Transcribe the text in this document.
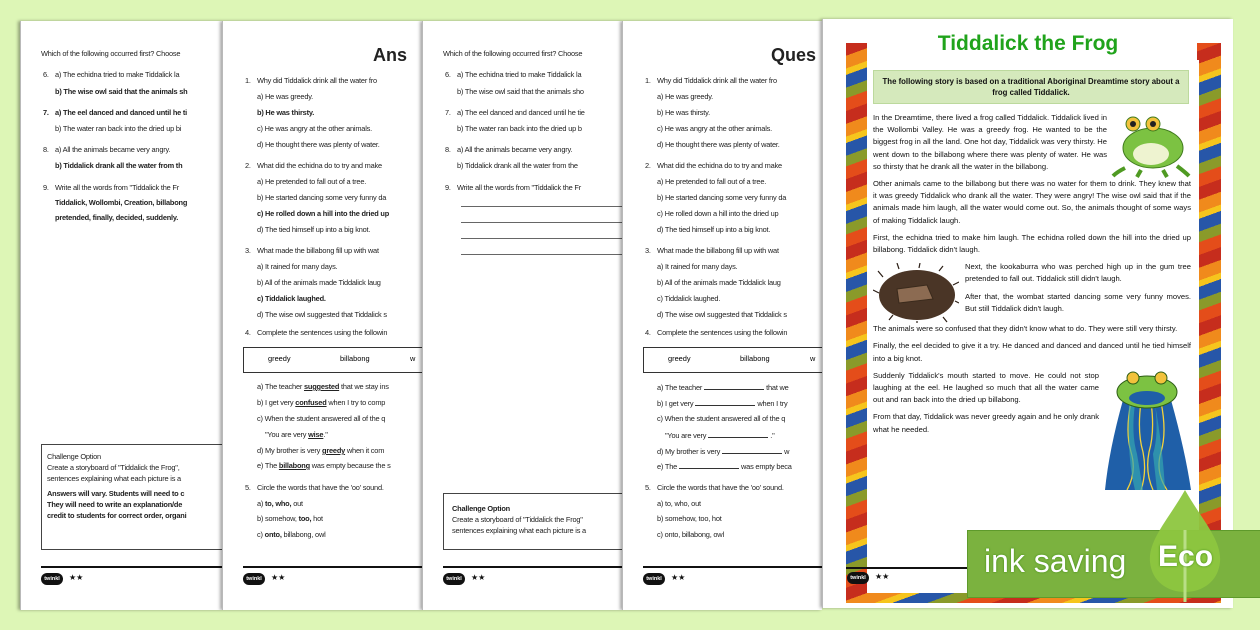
Challenge Option
Create a storyboard of "Tiddalick the Frog",
sentences explaining what each picture is a
Answers will vary. Students will need to c
They will need to write an explanation/de
credit to students for correct order, organi
twinkl	★★
Which of the following occurred first? Choose
6. a) The echidna tried to make Tiddalick la
b) The wise owl said that the animals sh
7. a) The eel danced and danced until he ti
b) The water ran back into the dried up bi
8. a) All the animals became very angry.
b) Tiddalick drank all the water from th
9. Write all the words from "Tiddalick the Fr
Tiddalick, Wollombi, Creation, billabong
pretended, finally, decided, suddenly.
Ans
greedy	billabong	w
twinkl	★★
1. Why did Tiddalick drink all the water fro
a) He was greedy.
b) He was thirsty.
c) He was angry at the other animals.
d) He thought there was plenty of water.
2. What did the echidna do to try and make
a) He pretended to fall out of a tree.
b) He started dancing some very funny da
c) He rolled down a hill into the dried up
d) The tied himself up into a big knot.
3. What made the billabong fill up with wat
a) It rained for many days.
b) All of the animals made Tiddalick laug
c) Tiddalick laughed.
d) The wise owl suggested that Tiddalick s
4. Complete the sentences using the followin
a) The teacher suggested that we stay ins
b) I get very confused when I try to comp
c) When the student answered all of the q
"You are very wise."
d) My brother is very greedy when it com
e) The billabong was empty because the s
5. Circle the words that have the 'oo' sound.
a) to, who, out
b) somehow, too, hot
c) onto, billabong, owl
Challenge Option
Create a storyboard of "Tiddalick the Frog"
sentences explaining what each picture is a
twinkl	★★
Which of the following occurred first? Choose
6. a) The echidna tried to make Tiddalick la
b) The wise owl said that the animals sho
7. a) The eel danced and danced until he tie
b) The water ran back into the dried up b
8. a) All the animals became very angry.
b) Tiddalick drank all the water from the
9. Write all the words from "Tiddalick the Fr
Ques
greedy	billabong	w
twinkl	★★
1. Why did Tiddalick drink all the water fro
a) He was greedy.
b) He was thirsty.
c) He was angry at the other animals.
d) He thought there was plenty of water.
2. What did the echidna do to try and make
a) He pretended to fall out of a tree.
b) He started dancing some very funny da
c) He rolled down a hill into the dried up
d) The tied himself up into a big knot.
3. What made the billabong fill up with wat
a) It rained for many days.
b) All of the animals made Tiddalick laug
c) Tiddalick laughed.
d) The wise owl suggested that Tiddalick s
4. Complete the sentences using the followin
a) The teacher	that we
b) I get very	when I try
c) When the student answered all of the q
"You are very	."
d) My brother is very	w
e) The	was empty beca
5. Circle the words that have the 'oo' sound.
a) to, who, out
b) somehow, too, hot
c) onto, billabong, owl
Tiddalick the Frog
The following story is based on a traditional Aboriginal Dreamtime story about a frog called Tiddalick.

In the Dreamtime, there lived a frog called Tiddalick. Tiddalick lived in the Wollombi Valley. He was a greedy frog. He wanted to be the biggest frog in all the land. One hot day, Tiddalick was very thirsty. He went down to the billabong where there was plenty of water. He was so thirsty that he drank all the water in the billabong.

Other animals came to the billabong but there was no water for them to drink. They knew that it was greedy Tiddalick who drank all the water. They were angry! The wise owl said that if the animals made him laugh, all the water would come out. So, the animals thought of some ways of making Tiddalick laugh.

First, the echidna tried to make him laugh. The echidna rolled down the hill into the dried up billabong. Tiddalick didn't laugh.

Next, the kookaburra who was perched high up in the gum tree pretended to fall out. Tiddalick still didn't laugh.

After that, the wombat started dancing some very funny moves. But still Tiddalick didn't laugh.

The animals were so confused that they didn't know what to do. They were still very thirsty.

Finally, the eel decided to give it a try. He danced and danced and danced until he tied himself into a big knot.

Suddenly Tiddalick's mouth started to move. He could not stop laughing at the eel. He laughed so much that all the water came out and ran back into the dried up billabong.

From that day, Tiddalick was never greedy again and he only drank what he needed.

twinkl	★★	ink saving Eco
